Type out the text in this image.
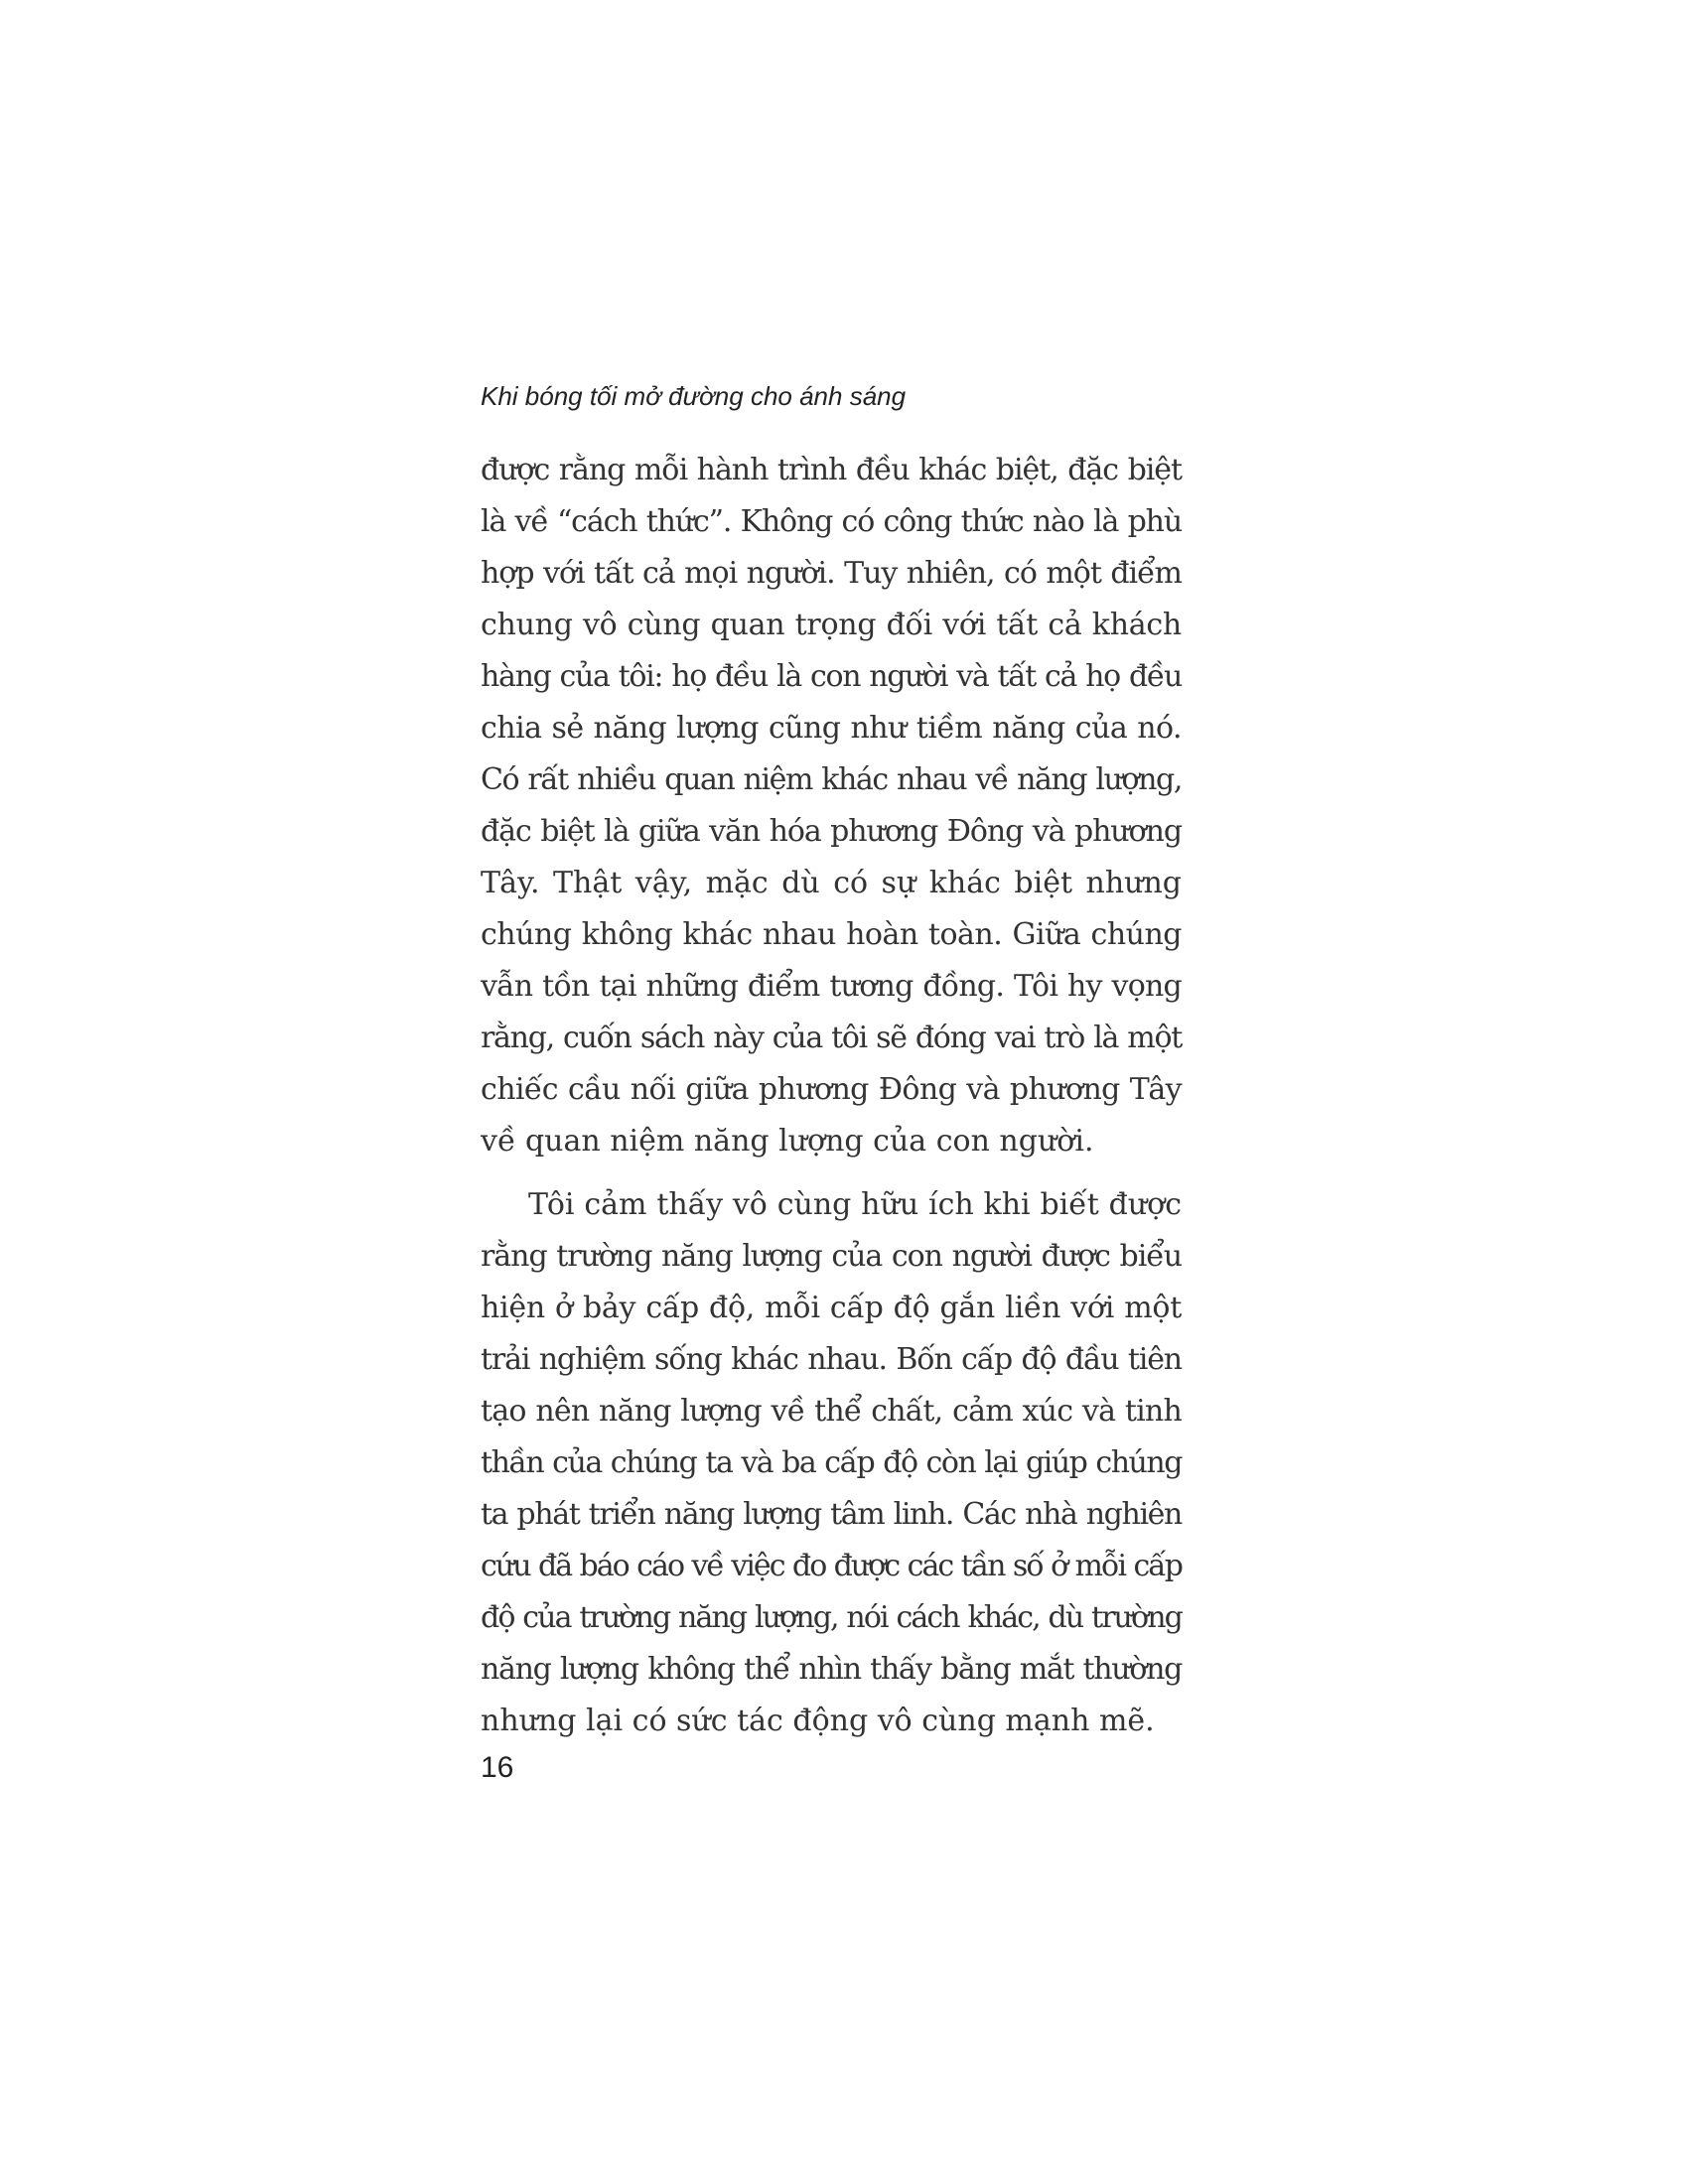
Khi bóng tối mở đường cho ánh sáng
được rằng mỗi hành trình đều khác biệt, đặc biệt
là về “cách thức”. Không có công thức nào là phù
hợp với tất cả mọi người. Tuy nhiên, có một điểm
chung vô cùng quan trọng đối với tất cả khách
hàng của tôi: họ đều là con người và tất cả họ đều
chia sẻ năng lượng cũng như tiềm năng của nó.
Có rất nhiều quan niệm khác nhau về năng lượng,
đặc biệt là giữa văn hóa phương Đông và phương
Tây. Thật vậy, mặc dù có sự khác biệt nhưng
chúng không khác nhau hoàn toàn. Giữa chúng
vẫn tồn tại những điểm tương đồng. Tôi hy vọng
rằng, cuốn sách này của tôi sẽ đóng vai trò là một
chiếc cầu nối giữa phương Đông và phương Tây
về quan niệm năng lượng của con người.
Tôi cảm thấy vô cùng hữu ích khi biết được
rằng trường năng lượng của con người được biểu
hiện ở bảy cấp độ, mỗi cấp độ gắn liền với một
trải nghiệm sống khác nhau. Bốn cấp độ đầu tiên
tạo nên năng lượng về thể chất, cảm xúc và tinh
thần của chúng ta và ba cấp độ còn lại giúp chúng
ta phát triển năng lượng tâm linh. Các nhà nghiên
cứu đã báo cáo về việc đo được các tần số ở mỗi cấp
độ của trường năng lượng, nói cách khác, dù trường
năng lượng không thể nhìn thấy bằng mắt thường
nhưng lại có sức tác động vô cùng mạnh mẽ.
16
